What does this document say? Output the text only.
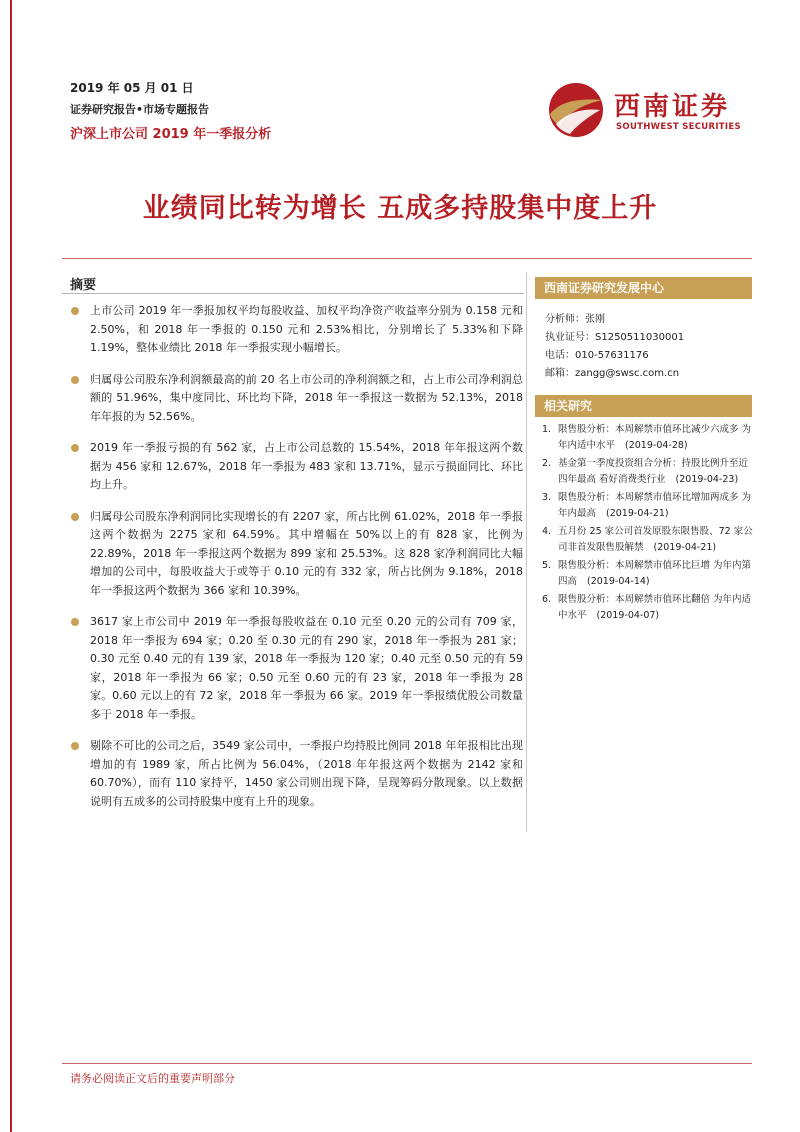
2019 年 05 月 01 日
证券研究报告•市场专题报告
沪深上市公司 2019 年一季报分析
西南证券
SOUTHWEST SECURITIES
业绩同比转为增长 五成多持股集中度上升
摘要
上市公司 2019 年一季报加权平均每股收益、加权平均净资产收益率分别为 0.158 元和 2.50%，和 2018 年一季报的 0.150 元和 2.53%相比，分别增长了 5.33%和下降 1.19%，整体业绩比 2018 年一季报实现小幅增长。
归属母公司股东净利润额最高的前 20 名上市公司的净利润额之和，占上市公司净利润总额的 51.96%，集中度同比、环比均下降，2018 年一季报这一数据为 52.13%，2018 年年报的为 52.56%。
2019 年一季报亏损的有 562 家，占上市公司总数的 15.54%，2018 年年报这两个数据为 456 家和 12.67%，2018 年一季报为 483 家和 13.71%，显示亏损面同比、环比均上升。
归属母公司股东净利润同比实现增长的有 2207 家，所占比例 61.02%，2018 年一季报这两个数据为 2275 家和 64.59%。其中增幅在 50%以上的有 828 家，比例为 22.89%，2018 年一季报这两个数据为 899 家和 25.53%。这 828 家净利润同比大幅增加的公司中，每股收益大于或等于 0.10 元的有 332 家，所占比例为 9.18%，2018 年一季报这两个数据为 366 家和 10.39%。
3617 家上市公司中 2019 年一季报每股收益在 0.10 元至 0.20 元的公司有 709 家，2018 年一季报为 694 家；0.20 至 0.30 元的有 290 家，2018 年一季报为 281 家；0.30 元至 0.40 元的有 139 家，2018 年一季报为 120 家；0.40 元至 0.50 元的有 59 家，2018 年一季报为 66 家；0.50 元至 0.60 元的有 23 家，2018 年一季报为 28 家。0.60 元以上的有 72 家，2018 年一季报为 66 家。2019 年一季报绩优股公司数量多于 2018 年一季报。
剔除不可比的公司之后，3549 家公司中，一季报户均持股比例同 2018 年年报相比出现增加的有 1989 家，所占比例为 56.04%，（2018 年年报这两个数据为 2142 家和 60.70%），而有 110 家持平，1450 家公司则出现下降，呈现筹码分散现象。以上数据说明有五成多的公司持股集中度有上升的现象。
西南证券研究发展中心
分析师：张刚
执业证号：S1250511030001
电话：010-57631176
邮箱：zangg@swsc.com.cn
相关研究
1. 限售股分析：本周解禁市值环比减少六成多 为年内适中水平 (2019-04-28)
2. 基金第一季度投资组合分析：持股比例升至近四年最高 看好消费类行业 (2019-04-23)
3. 限售股分析：本周解禁市值环比增加两成多 为年内最高 (2019-04-21)
4. 五月份 25 家公司首发原股东限售股、72 家公司非首发限售股解禁 (2019-04-21)
5. 限售股分析：本周解禁市值环比巨增 为年内第四高 (2019-04-14)
6. 限售股分析：本周解禁市值环比翻倍 为年内适中水平 (2019-04-07)
请务必阅读正文后的重要声明部分
